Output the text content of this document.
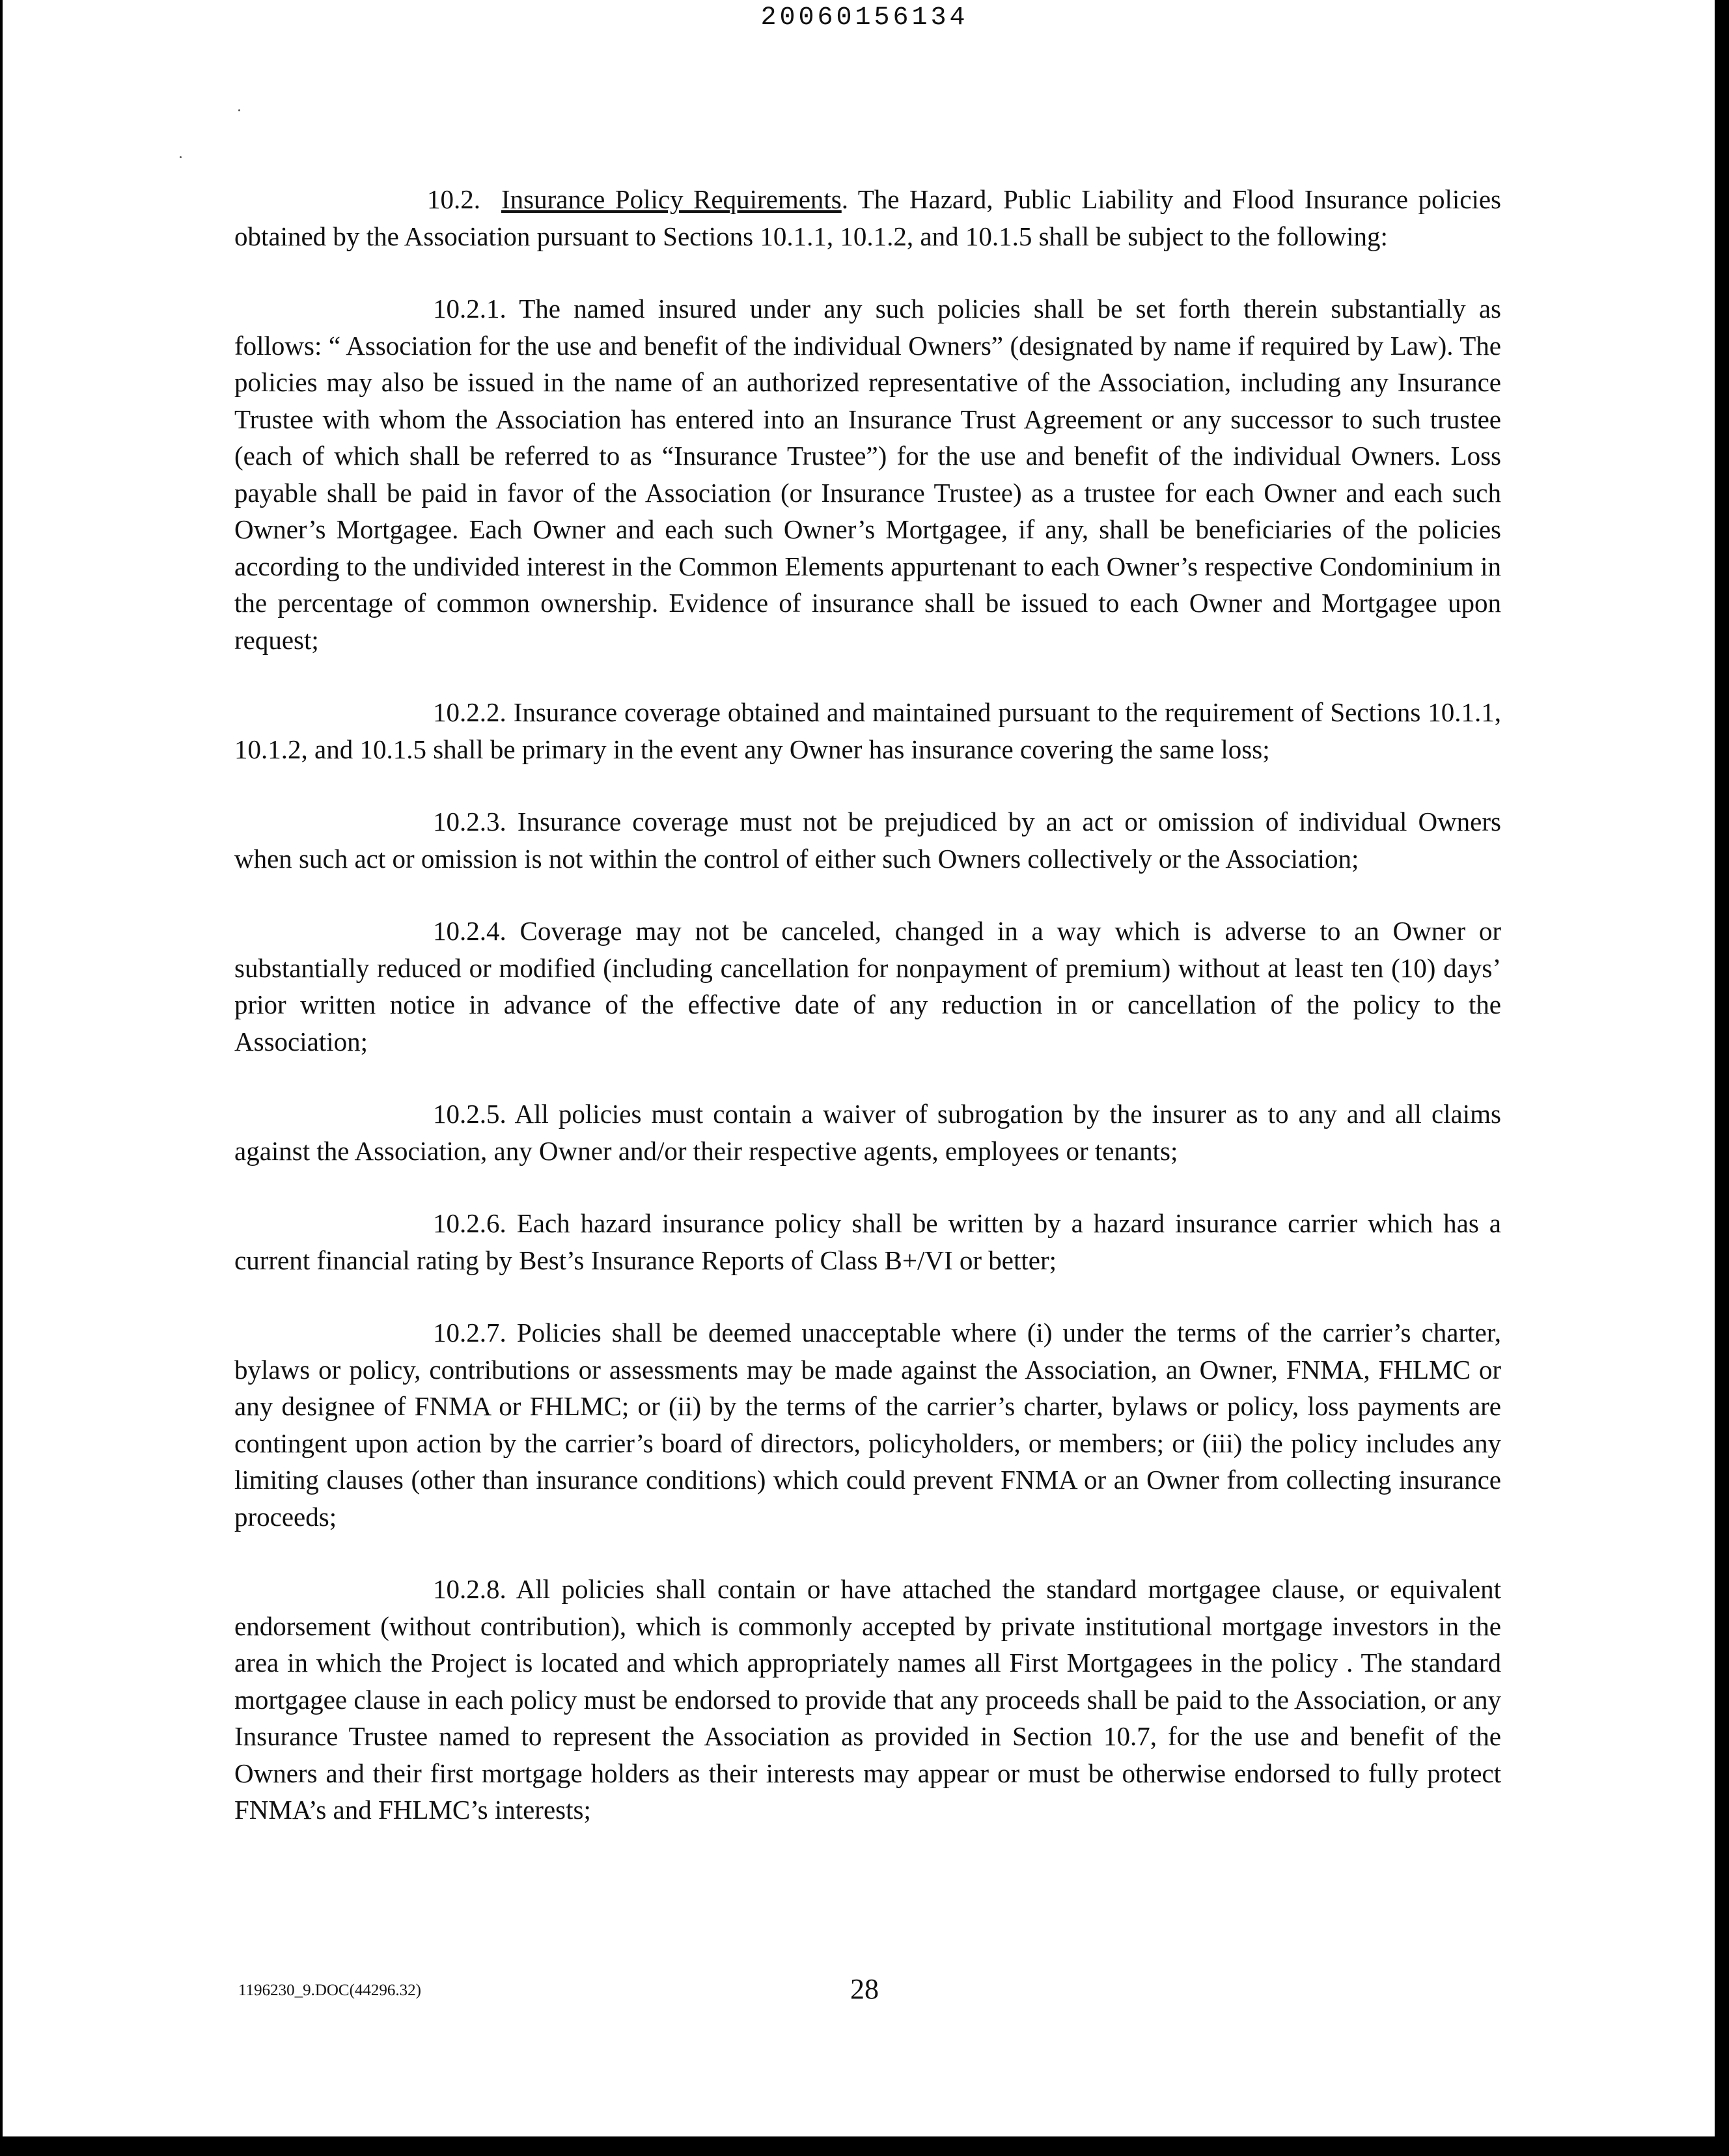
20060156134

10.2. Insurance Policy Requirements. The Hazard, Public Liability and Flood Insurance policies obtained by the Association pursuant to Sections 10.1.1, 10.1.2, and 10.1.5 shall be subject to the following:

10.2.1. The named insured under any such policies shall be set forth therein substantially as follows: “ Association for the use and benefit of the individual Owners” (designated by name if required by Law). The policies may also be issued in the name of an authorized representative of the Association, including any Insurance Trustee with whom the Association has entered into an Insurance Trust Agreement or any successor to such trustee (each of which shall be referred to as “Insurance Trustee”) for the use and benefit of the individual Owners. Loss payable shall be paid in favor of the Association (or Insurance Trustee) as a trustee for each Owner and each such Owner’s Mortgagee. Each Owner and each such Owner’s Mortgagee, if any, shall be beneficiaries of the policies according to the undivided interest in the Common Elements appurtenant to each Owner’s respective Condominium in the percentage of common ownership. Evidence of insurance shall be issued to each Owner and Mortgagee upon request;

10.2.2. Insurance coverage obtained and maintained pursuant to the requirement of Sections 10.1.1, 10.1.2, and 10.1.5 shall be primary in the event any Owner has insurance covering the same loss;

10.2.3. Insurance coverage must not be prejudiced by an act or omission of individual Owners when such act or omission is not within the control of either such Owners collectively or the Association;

10.2.4. Coverage may not be canceled, changed in a way which is adverse to an Owner or substantially reduced or modified (including cancellation for nonpayment of premium) without at least ten (10) days’ prior written notice in advance of the effective date of any reduction in or cancellation of the policy to the Association;

10.2.5. All policies must contain a waiver of subrogation by the insurer as to any and all claims against the Association, any Owner and/or their respective agents, employees or tenants;

10.2.6. Each hazard insurance policy shall be written by a hazard insurance carrier which has a current financial rating by Best’s Insurance Reports of Class B+/VI or better;

10.2.7. Policies shall be deemed unacceptable where (i) under the terms of the carrier’s charter, bylaws or policy, contributions or assessments may be made against the Association, an Owner, FNMA, FHLMC or any designee of FNMA or FHLMC; or (ii) by the terms of the carrier’s charter, bylaws or policy, loss payments are contingent upon action by the carrier’s board of directors, policyholders, or members; or (iii) the policy includes any limiting clauses (other than insurance conditions) which could prevent FNMA or an Owner from collecting insurance proceeds;

10.2.8. All policies shall contain or have attached the standard mortgagee clause, or equivalent endorsement (without contribution), which is commonly accepted by private institutional mortgage investors in the area in which the Project is located and which appropriately names all First Mortgagees in the policy . The standard mortgagee clause in each policy must be endorsed to provide that any proceeds shall be paid to the Association, or any Insurance Trustee named to represent the Association as provided in Section 10.7, for the use and benefit of the Owners and their first mortgage holders as their interests may appear or must be otherwise endorsed to fully protect FNMA’s and FHLMC’s interests;

1196230_9.DOC(44296.32)	28
